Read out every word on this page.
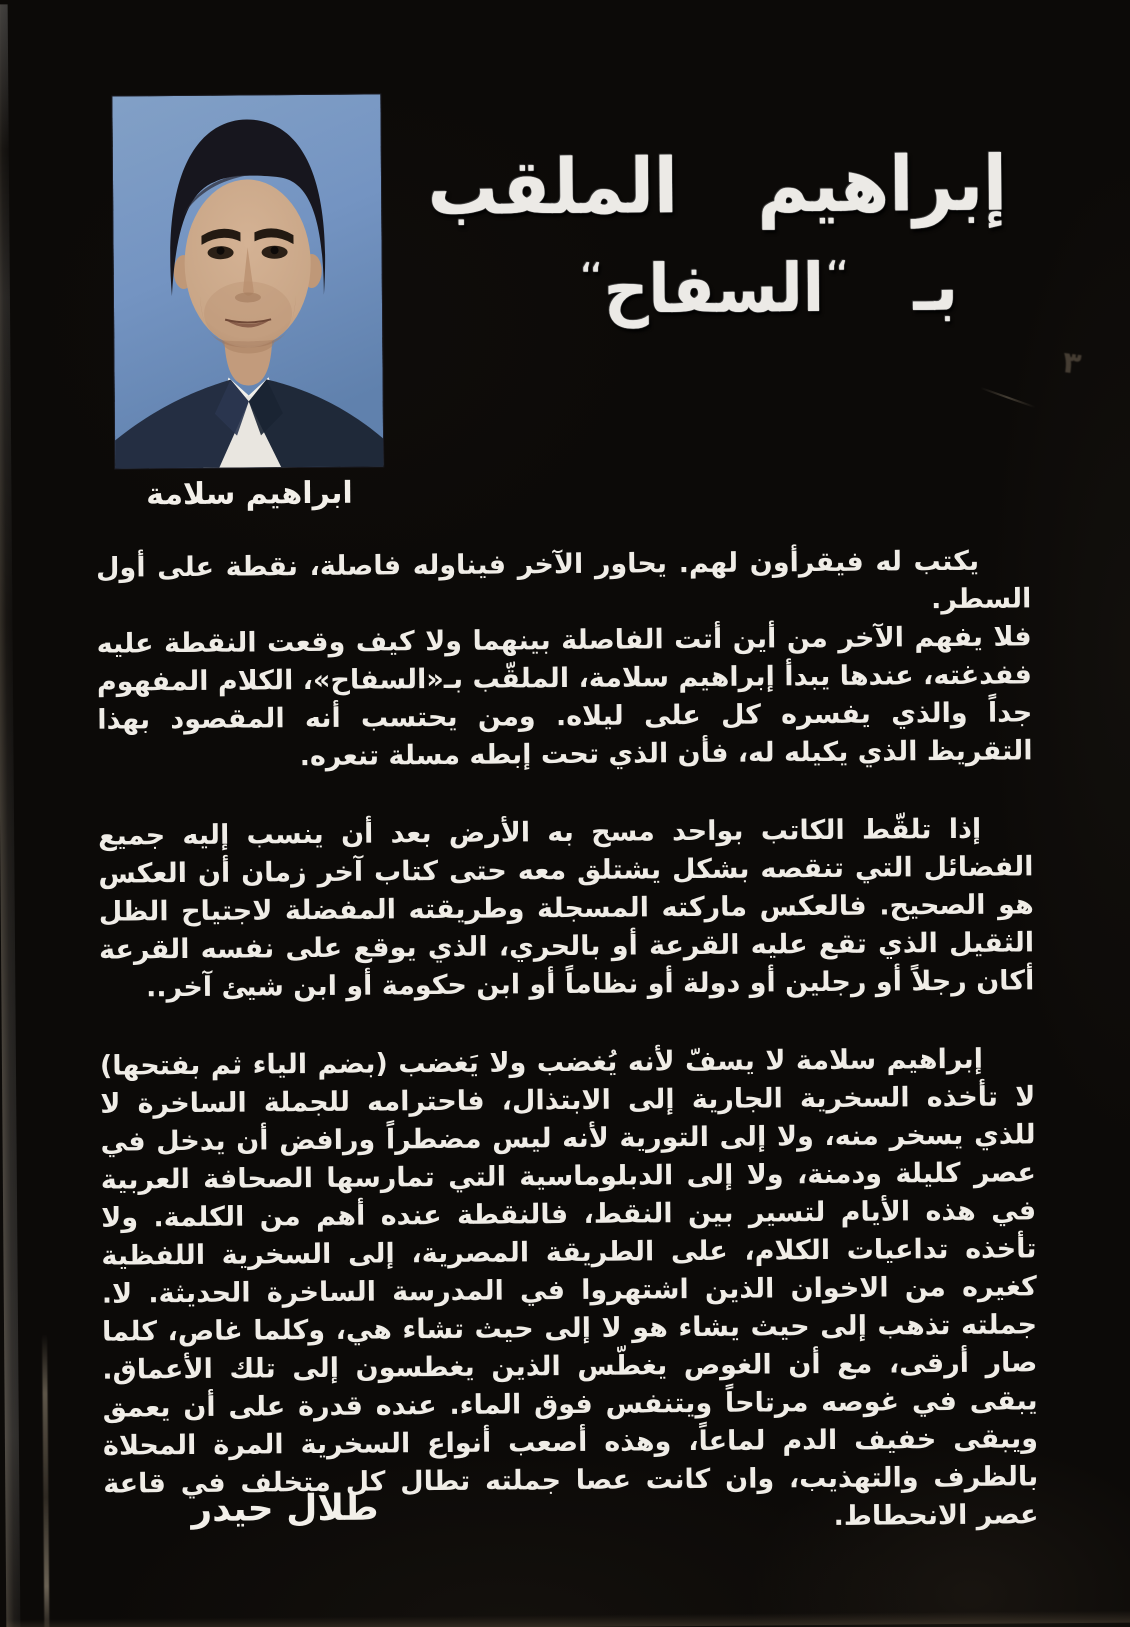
٣
ابراهيم سلامة
إبراهيم الملقب
بـ ،،السفاح،،

يكتب له فيقرأون لهم. يحاور الآخر فيناوله فاصلة، نقطة على أول السطر.

فلا يفهم الآخر من أين أتت الفاصلة بينهما ولا كيف وقعت النقطة عليه ففدغته، عندها يبدأ إبراهيم سلامة، الملقّب بـ«السفاح»، الكلام المفهوم جداً والذي يفسره كل على ليلاه. ومن يحتسب أنه المقصود بهذا التقريظ الذي يكيله له، فأن الذي تحت إبطه مسلة تنعره.

إذا تلقّط الكاتب بواحد مسح به الأرض بعد أن ينسب إليه جميع الفضائل التي تنقصه بشكل يشتلق معه حتى كتاب آخر زمان أن العكس هو الصحيح. فالعكس ماركته المسجلة وطريقته المفضلة لاجتياح الظل الثقيل الذي تقع عليه القرعة أو بالحري، الذي يوقع على نفسه القرعة أكان رجلاً أو رجلين أو دولة أو نظاماً أو ابن حكومة أو ابن شيئ آخر..

إبراهيم سلامة لا يسفّ لأنه يُغضب ولا يَغضب (بضم الياء ثم بفتحها) لا تأخذه السخرية الجارية إلى الابتذال، فاحترامه للجملة الساخرة لا للذي يسخر منه، ولا إلى التورية لأنه ليس مضطراً ورافض أن يدخل في عصر كليلة ودمنة، ولا إلى الدبلوماسية التي تمارسها الصحافة العربية في هذه الأيام لتسير بين النقط، فالنقطة عنده أهم من الكلمة. ولا تأخذه تداعيات الكلام، على الطريقة المصرية، إلى السخرية اللفظية كغيره من الاخوان الذين اشتهروا في المدرسة الساخرة الحديثة. لا. جملته تذهب إلى حيث يشاء هو لا إلى حيث تشاء هي، وكلما غاص، كلما صار أرقى، مع أن الغوص يغطّس الذين يغطسون إلى تلك الأعماق. يبقى في غوصه مرتاحاً ويتنفس فوق الماء. عنده قدرة على أن يعمق ويبقى خفيف الدم لماعاً، وهذه أصعب أنواع السخرية المرة المحلاة بالظرف والتهذيب، وان كانت عصا جملته تطال كل متخلف في قاعة عصر الانحطاط.

طلال حيدر
